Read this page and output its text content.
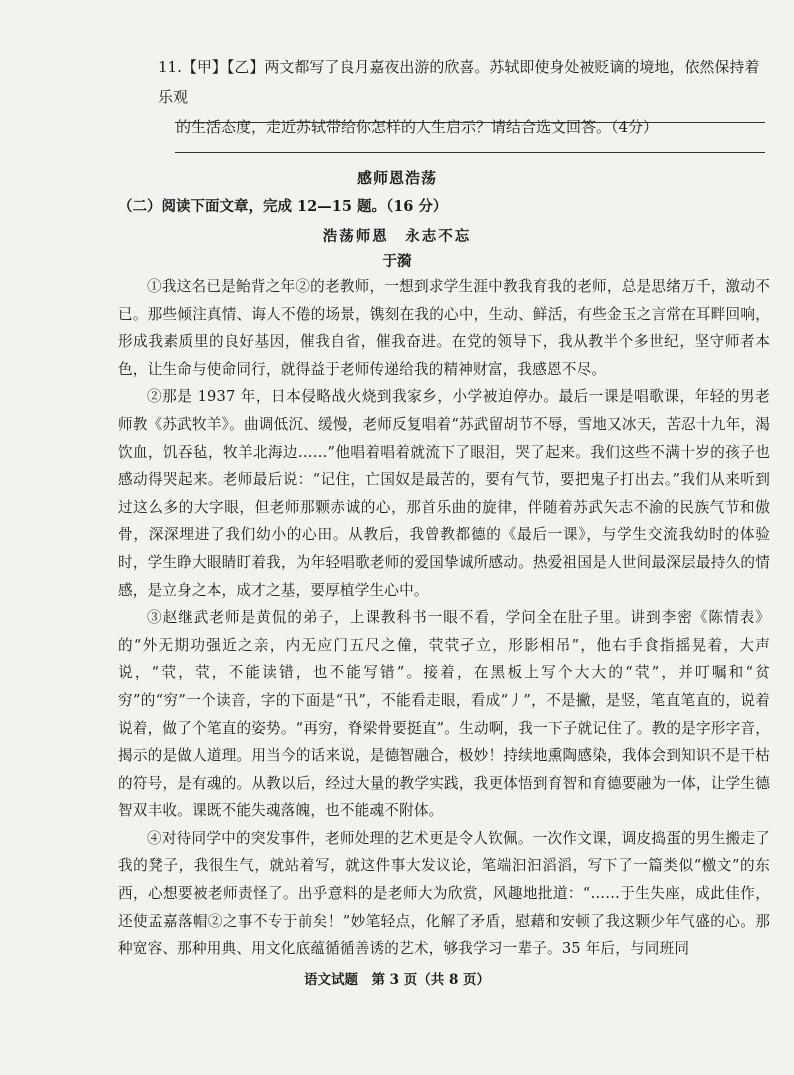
11.【甲】【乙】两文都写了良月嘉夜出游的欣喜。苏轼即使身处被贬谪的境地，依然保持着乐观
的生活态度，走近苏轼带给你怎样的人生启示？请结合选文回答。（4分）
感师恩浩荡
（二）阅读下面文章，完成 12—15 题。（16 分）
浩荡师恩　永志不忘
于漪

①我这名已是鲐背之年②的老教师，一想到求学生涯中教我育我的老师，总是思绪万千，激动不已。那些倾注真情、诲人不倦的场景，镌刻在我的心中，生动、鲜活，有些金玉之言常在耳畔回响，形成我素质里的良好基因，催我自省，催我奋进。在党的领导下，我从教半个多世纪，坚守师者本色，让生命与使命同行，就得益于老师传递给我的精神财富，我感恩不尽。

②那是 1937 年，日本侵略战火烧到我家乡，小学被迫停办。最后一课是唱歌课，年轻的男老师教《苏武牧羊》。曲调低沉、缓慢，老师反复唱着“苏武留胡节不辱，雪地又冰天，苦忍十九年，渴饮血，饥吞毡，牧羊北海边……”他唱着唱着就流下了眼泪，哭了起来。我们这些不满十岁的孩子也感动得哭起来。老师最后说：“记住，亡国奴是最苦的，要有气节，要把鬼子打出去。”我们从来听到过这么多的大字眼，但老师那颗赤诚的心，那首乐曲的旋律，伴随着苏武矢志不渝的民族气节和傲骨，深深埋进了我们幼小的心田。从教后，我曾教都德的《最后一课》，与学生交流我幼时的体验时，学生睁大眼睛盯着我，为年轻唱歌老师的爱国挚诚所感动。热爱祖国是人世间最深层最持久的情感，是立身之本，成才之基，要厚植学生心中。

③赵继武老师是黄侃的弟子，上课教科书一眼不看，学问全在肚子里。讲到李密《陈情表》的“外无期功强近之亲，内无应门五尺之僮，茕茕孑立，形影相吊”，他右手食指摇晃着，大声说，“茕，茕，不能读错，也不能写错”。接着，在黑板上写个大大的“茕”，并叮嘱和“贫穷”的“穷”一个读音，字的下面是“卂”，不能看走眼，看成“丿”，不是撇，是竖，笔直笔直的，说着说着，做了个笔直的姿势。“再穷，脊梁骨要挺直”。生动啊，我一下子就记住了。教的是字形字音，揭示的是做人道理。用当今的话来说，是德智融合，极妙！持续地熏陶感染，我体会到知识不是干枯的符号，是有魂的。从教以后，经过大量的教学实践，我更体悟到育智和育德要融为一体，让学生德智双丰收。课既不能失魂落魄，也不能魂不附体。

④对待同学中的突发事件，老师处理的艺术更是令人钦佩。一次作文课，调皮捣蛋的男生搬走了我的凳子，我很生气，就站着写，就这件事大发议论，笔端汩汩滔滔，写下了一篇类似“檄文”的东西，心想要被老师责怪了。出乎意料的是老师大为欣赏，风趣地批道：“……于生失座，成此佳作，还使孟嘉落帽②之事不专于前矣！”妙笔轻点，化解了矛盾，慰藉和安顿了我这颗少年气盛的心。那种宽容、那种用典、用文化底蕴循循善诱的艺术，够我学习一辈子。35 年后，与同班同

语文试题　第 3 页（共 8 页）
